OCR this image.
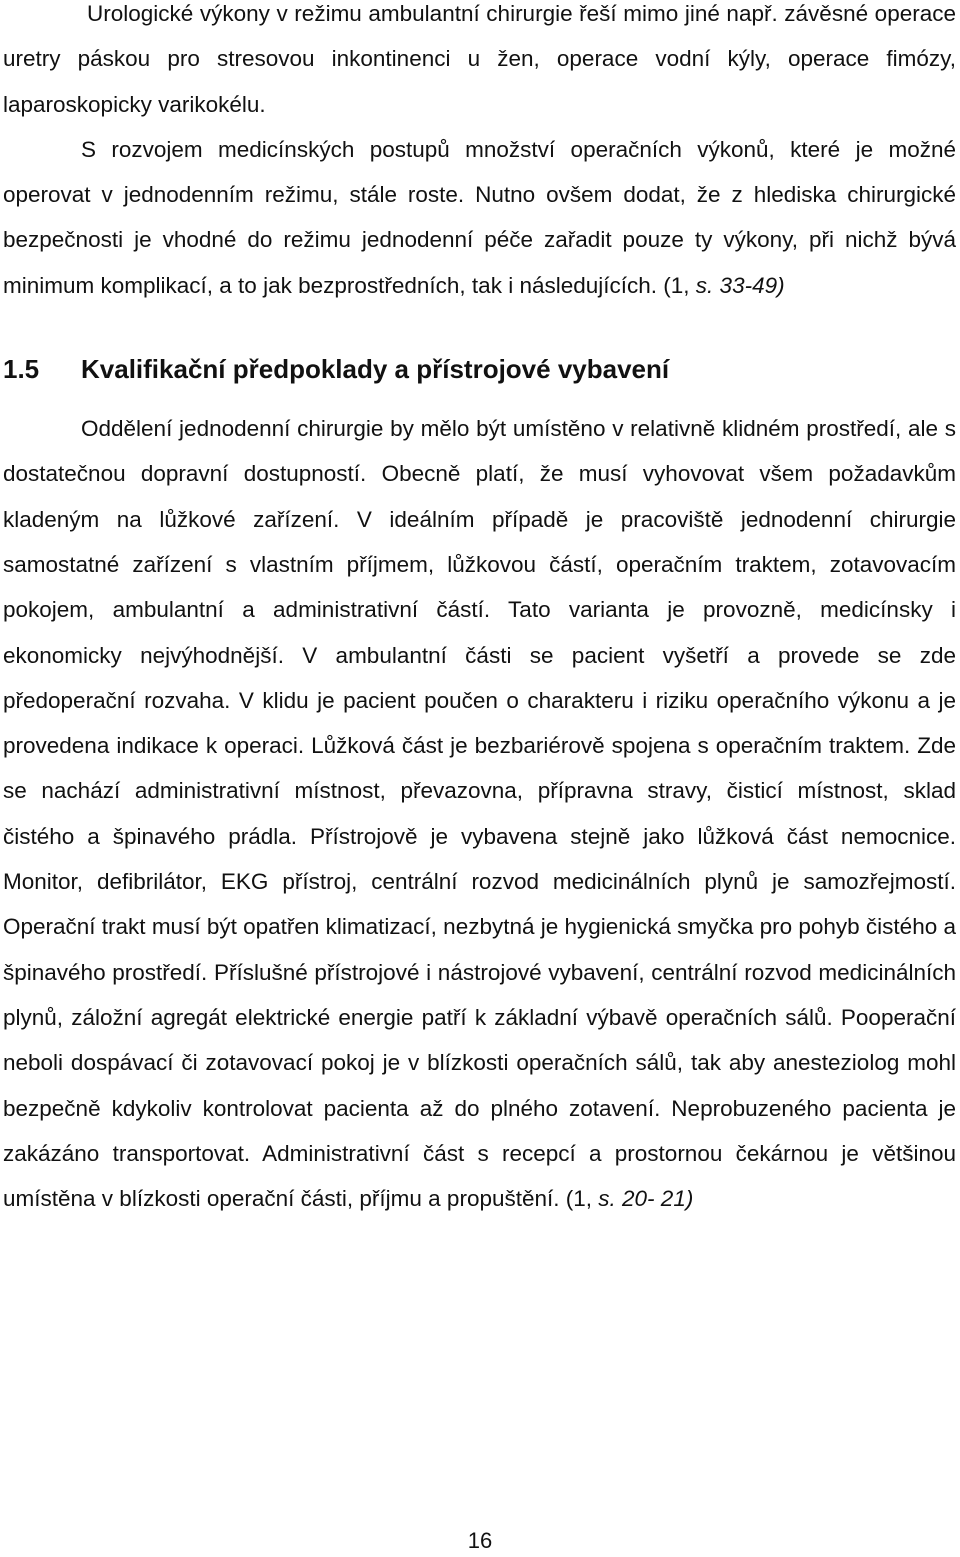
Urologické výkony v režimu ambulantní chirurgie řeší mimo jiné např. závěsné operace uretry páskou pro stresovou inkontinenci u žen, operace vodní kýly, operace fimózy, laparoskopicky varikokélu.

S rozvojem medicínských postupů množství operačních výkonů, které je možné operovat v jednodenním režimu, stále roste. Nutno ovšem dodat, že z hlediska chirurgické bezpečnosti je vhodné do režimu jednodenní péče zařadit pouze ty výkony, při nichž bývá minimum komplikací, a to jak bezprostředních, tak i následujících. (1, s. 33-49)

1.5	Kvalifikační předpoklady a přístrojové vybavení

Oddělení jednodenní chirurgie by mělo být umístěno v relativně klidném prostředí, ale s dostatečnou dopravní dostupností. Obecně platí, že musí vyhovovat všem požadavkům kladeným na lůžkové zařízení. V ideálním případě je pracoviště jednodenní chirurgie samostatné zařízení s vlastním příjmem, lůžkovou částí, operačním traktem, zotavovacím pokojem, ambulantní a administrativní částí. Tato varianta je provozně, medicínsky i ekonomicky nejvýhodnější. V ambulantní části se pacient vyšetří a provede se zde předoperační rozvaha. V klidu je pacient poučen o charakteru i riziku operačního výkonu a je provedena indikace k operaci. Lůžková část je bezbariérově spojena s operačním traktem. Zde se nachází administrativní místnost, převazovna, přípravna stravy, čisticí místnost, sklad čistého a špinavého prádla. Přístrojově je vybavena stejně jako lůžková část nemocnice. Monitor, defibrilátor, EKG přístroj, centrální rozvod medicinálních plynů je samozřejmostí. Operační trakt musí být opatřen klimatizací, nezbytná je hygienická smyčka pro pohyb čistého a špinavého prostředí. Příslušné přístrojové i nástrojové vybavení, centrální rozvod medicinálních plynů, záložní agregát elektrické energie patří k základní výbavě operačních sálů. Pooperační neboli dospávací či zotavovací pokoj je v blízkosti operačních sálů, tak aby anesteziolog mohl bezpečně kdykoliv kontrolovat pacienta až do plného zotavení. Neprobuzeného pacienta je zakázáno transportovat. Administrativní část s recepcí a prostornou čekárnou je většinou umístěna v blízkosti operační části, příjmu a propuštění. (1, s. 20- 21)

16
